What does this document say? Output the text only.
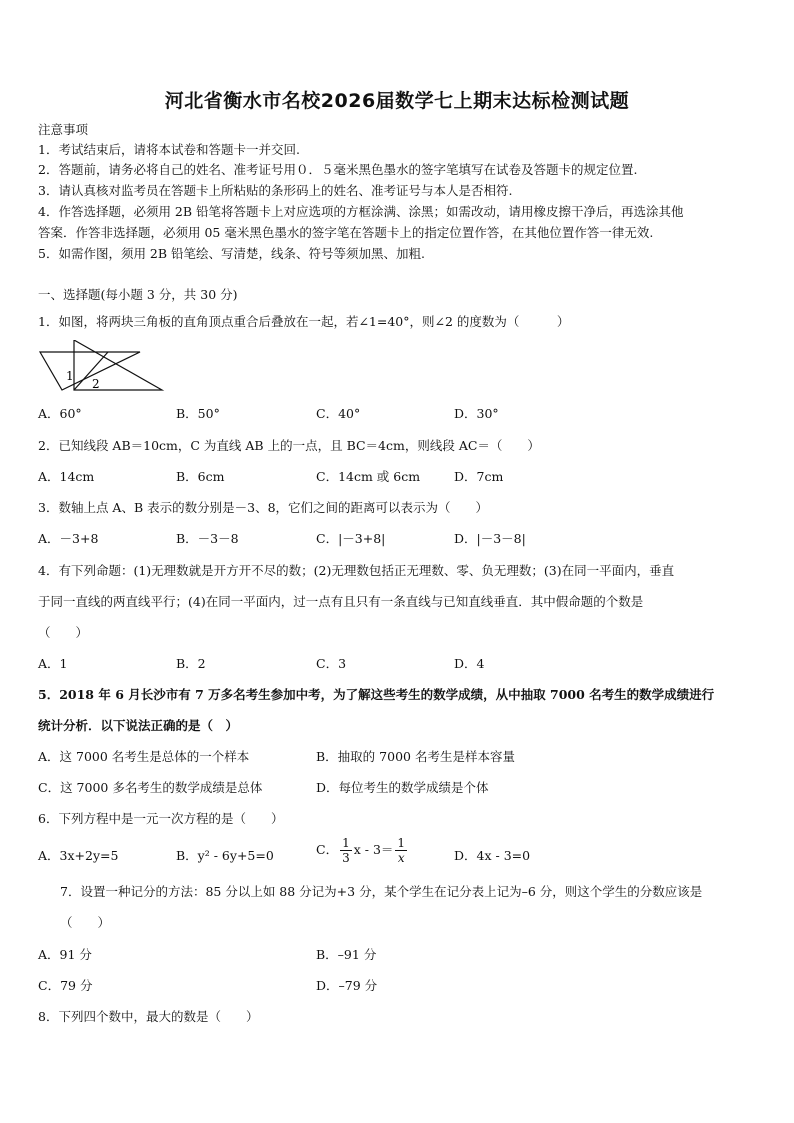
河北省衡水市名校2026届数学七上期末达标检测试题
注意事项
1．考试结束后，请将本试卷和答题卡一并交回.
2．答题前，请务必将自己的姓名、准考证号用０．５毫米黑色墨水的签字笔填写在试卷及答题卡的规定位置.
3．请认真核对监考员在答题卡上所粘贴的条形码上的姓名、准考证号与本人是否相符.
4．作答选择题，必须用 2B 铅笔将答题卡上对应选项的方框涂满、涂黑；如需改动，请用橡皮擦干净后，再选涂其他
答案．作答非选择题，必须用 05 毫米黑色墨水的签字笔在答题卡上的指定位置作答，在其他位置作答一律无效.
5．如需作图，须用 2B 铅笔绘、写清楚，线条、符号等须加黑、加粗.
一、选择题(每小题 3 分，共 30 分)
1．如图，将两块三角板的直角顶点重合后叠放在一起，若∠1=40°，则∠2 的度数为（　　　）
1
2
A．60°	B．50°	C．40°	D．30°
2．已知线段 AB＝10cm，C 为直线 AB 上的一点，且 BC＝4cm，则线段 AC＝（　　）
A．14cm	B．6cm	C．14cm 或 6cm	D．7cm
3．数轴上点 A、B 表示的数分别是－3、8，它们之间的距离可以表示为（　　）
A．－3+8	B．－3－8	C．|－3+8|	D．|－3－8|
4．有下列命题：(1)无理数就是开方开不尽的数；(2)无理数包括正无理数、零、负无理数；(3)在同一平面内，垂直
于同一直线的两直线平行；(4)在同一平面内，过一点有且只有一条直线与已知直线垂直．其中假命题的个数是
（　　）
A．1	B．2	C．3	D．4
5．2018 年 6 月长沙市有 7 万多名考生参加中考，为了解这些考生的数学成绩，从中抽取 7000 名考生的数学成绩进行
统计分析．以下说法正确的是（　）
A．这 7000 名考生是总体的一个样本	B．抽取的 7000 名考生是样本容量
C．这 7000 多名考生的数学成绩是总体	D．每位考生的数学成绩是个体
6．下列方程中是一元一次方程的是（　　）
A．3x+2y=5	B．y² - 6y+5=0	C． $\frac{1}{3}$ $x - 3= \frac{1}{x}$	D．4x - 3=0
7．设置一种记分的方法：85 分以上如 88 分记为+3 分，某个学生在记分表上记为–6 分，则这个学生的分数应该是
（　　）
A．91 分	B．–91 分
C．79 分	D．–79 分
8．下列四个数中，最大的数是（　　）
